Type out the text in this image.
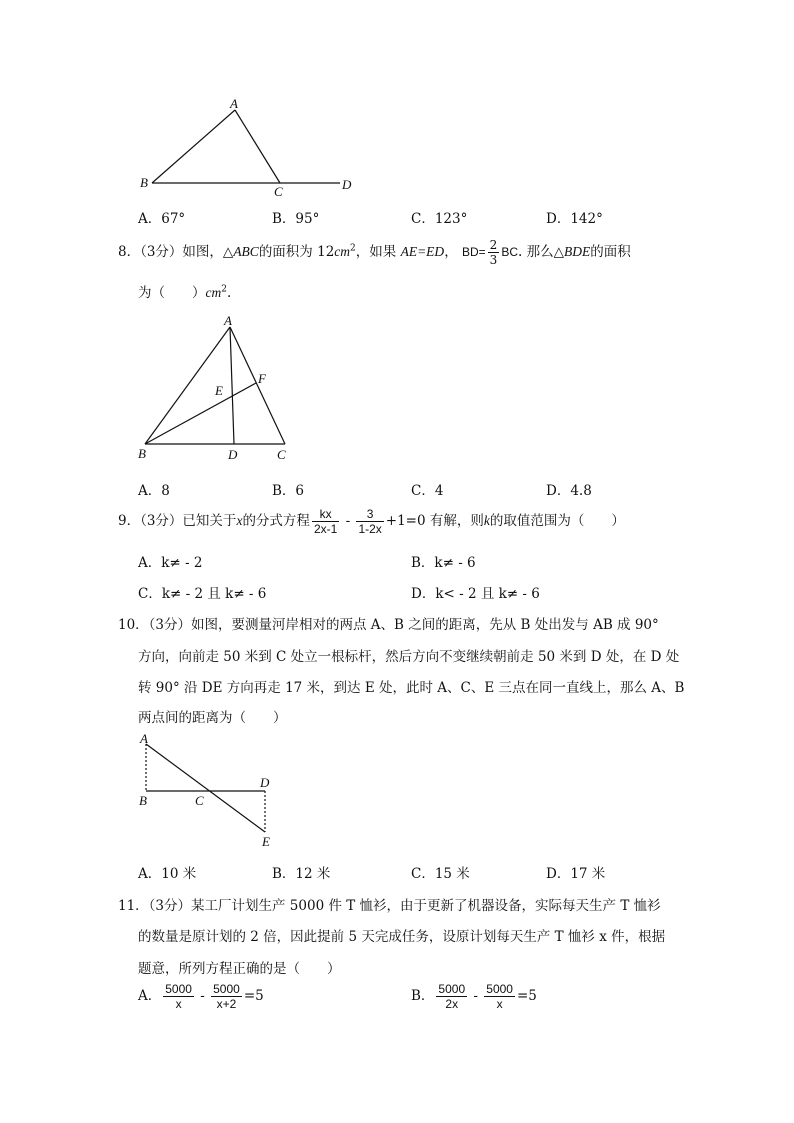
A
B
C	D
A．67°	B．95°	C．123°	D．142°
8．（3分）如图，△ABC的面积为 $12cm^2$，如果 AE=ED， $BD= \frac{2}{3}$ BC. 那么△BDE的面积
为（　　）$cm^2$.
A
B	C
D
E
F
A．8	B．6	C．4	D．4.8
9．（3分）已知关于x的分式方程 $\frac{kx}{2x-1} - \frac{3}{1-2x} +1=0$ 有解，则k的取值范围为（　　）
A．k≠ - 2	B．k≠ - 6
C．k≠ - 2 且 k≠ - 6	D．k< - 2 且 k≠ - 6
10．（3分）如图，要测量河岸相对的两点 A、B 之间的距离，先从 B 处出发与 AB 成 90°
方向，向前走 50 米到 C 处立一根标杆，然后方向不变继续朝前走 50 米到 D 处，在 D 处
转 90° 沿 DE 方向再走 17 米，到达 E 处，此时 A、C、E 三点在同一直线上，那么 A、B
两点间的距离为（　　）
A
B	C
D
E
A．10 米	B．12 米	C．15 米	D．17 米
11．（3分）某工厂计划生产 5000 件 T 恤衫，由于更新了机器设备，实际每天生产 T 恤衫
的数量是原计划的 2 倍，因此提前 5 天完成任务，设原计划每天生产 T 恤衫 x 件，根据
题意，所列方程正确的是（　　）
A． $\frac{5000}{x} - \frac{5000}{x+2} =5$	B． $\frac{5000}{2x} - \frac{5000}{x} =5$
